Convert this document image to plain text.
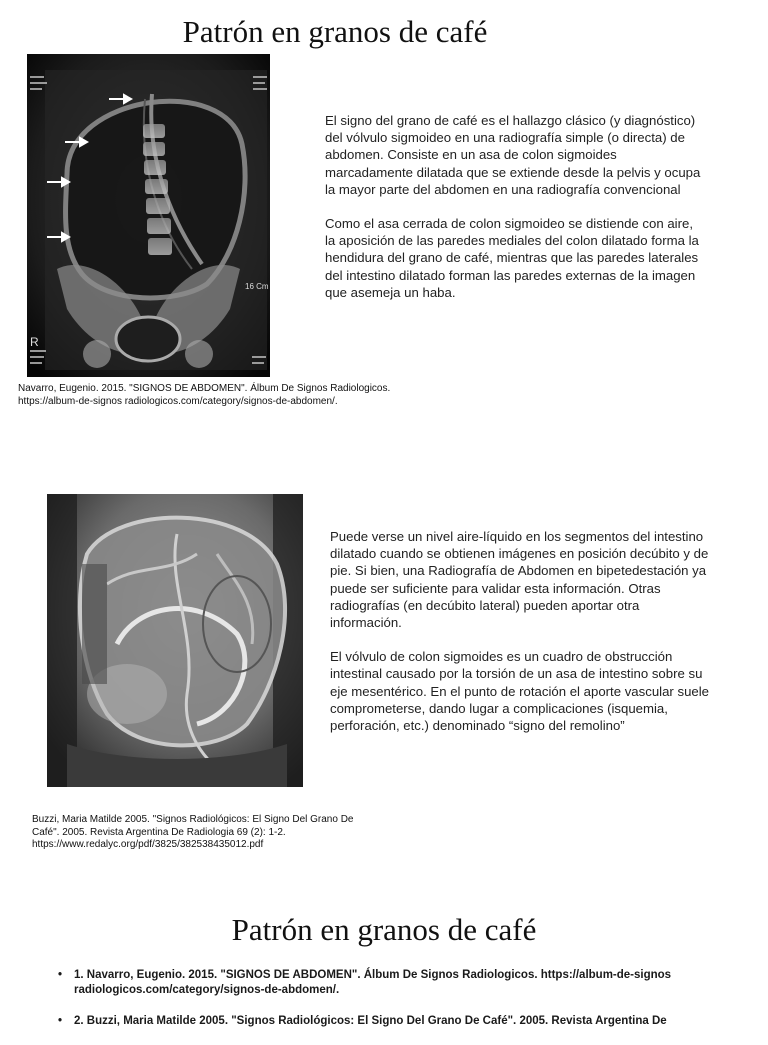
Patrón en granos de café
16 Cm
R

El signo del grano de café es el hallazgo clásico (y diagnóstico) del vólvulo sigmoideo en una radiografía simple (o directa) de abdomen. Consiste en un asa de colon sigmoides marcadamente dilatada que se extiende desde la pelvis y ocupa la mayor parte del abdomen en una radiografía convencional

Como el asa cerrada de colon sigmoideo se distiende con aire, la aposición de las paredes mediales del colon dilatado forma la hendidura del grano de café, mientras que las paredes laterales del intestino dilatado forman las paredes externas de la imagen que asemeja un haba.

Navarro, Eugenio. 2015. "SIGNOS DE ABDOMEN". Álbum De Signos Radiologicos.

https://album-de-signos radiologicos.com/category/signos-de-abdomen/.

Puede verse un nivel aire-líquido en los segmentos del intestino dilatado cuando se obtienen imágenes en posición decúbito y de pie. Si bien, una Radiografía de Abdomen en bipetedestación ya puede ser suficiente para validar esta información. Otras radiografías (en decúbito lateral) pueden aportar otra información.

El vólvulo de colon sigmoides es un cuadro de obstrucción intestinal causado por la torsión de un asa de intestino sobre su eje mesentérico. En el punto de rotación el aporte vascular suele comprometerse, dando lugar a complicaciones (isquemia, perforación, etc.) denominado “signo del remolino”

Buzzi, Maria Matilde 2005. "Signos Radiológicos: El Signo Del Grano De

Café". 2005. Revista Argentina De Radiologia 69 (2): 1-2.

https://www.redalyc.org/pdf/3825/382538435012.pdf

Patrón en granos de café
• 1. Navarro, Eugenio. 2015. "SIGNOS DE ABDOMEN". Álbum De Signos Radiologicos. https://album-de-signos radiologicos.com/category/signos-de-abdomen/.
• 2. Buzzi, Maria Matilde 2005. "Signos Radiológicos: El Signo Del Grano De Café". 2005. Revista Argentina De
